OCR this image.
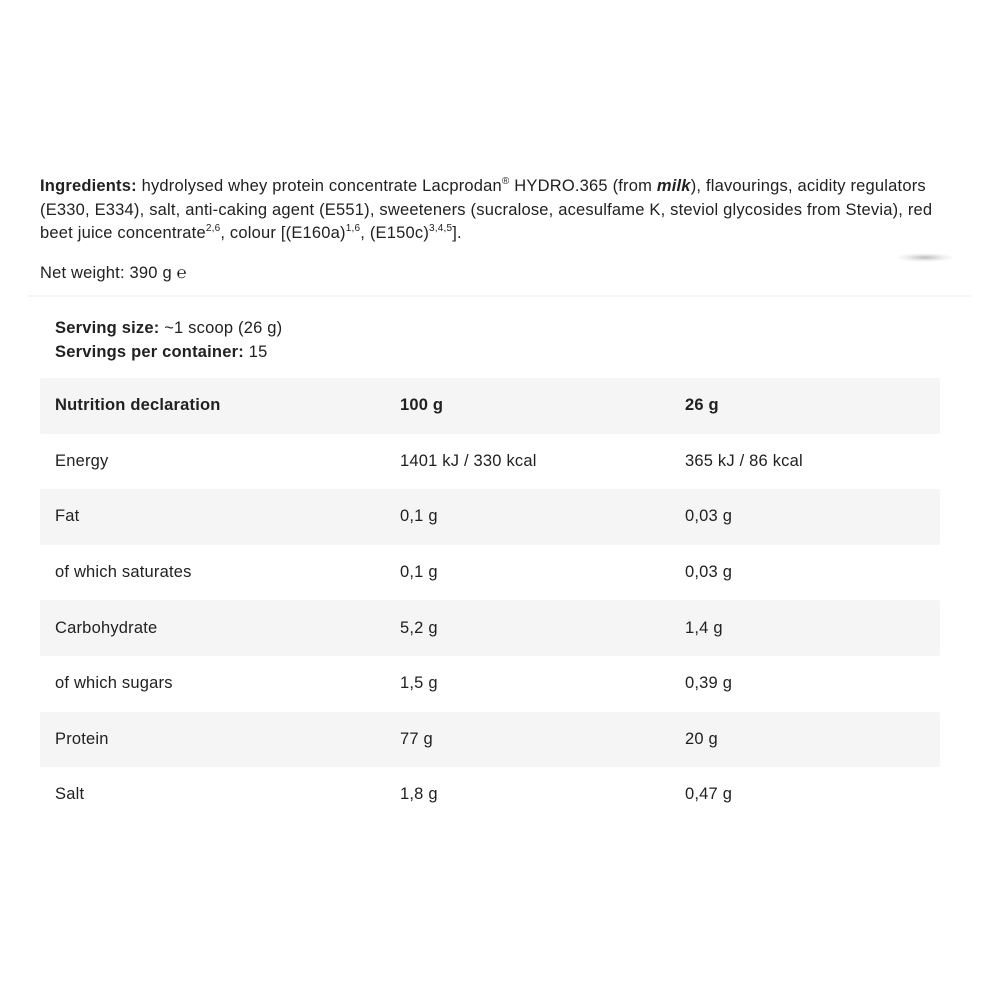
Ingredients: hydrolysed whey protein concentrate Lacprodan® HYDRO.365 (from milk), flavourings, acidity regulators (E330, E334), salt, anti-caking agent (E551), sweeteners (sucralose, acesulfame K, steviol glycosides from Stevia), red beet juice concentrate$^{2,6}$, colour [$(E160a)^{1,6}$, $(E150c)^{3,4,5}$].

Net weight: 390 g ℮

Serving size: ~1 scoop (26 g)
Servings per container: 15
Nutrition declaration	100 g	26 g
Energy	1401 kJ / 330 kcal	365 kJ / 86 kcal
Fat	0,1 g	0,03 g
of which saturates	0,1 g	0,03 g
Carbohydrate	5,2 g	1,4 g
of which sugars	1,5 g	0,39 g
Protein	77 g	20 g
Salt	1,8 g	0,47 g
